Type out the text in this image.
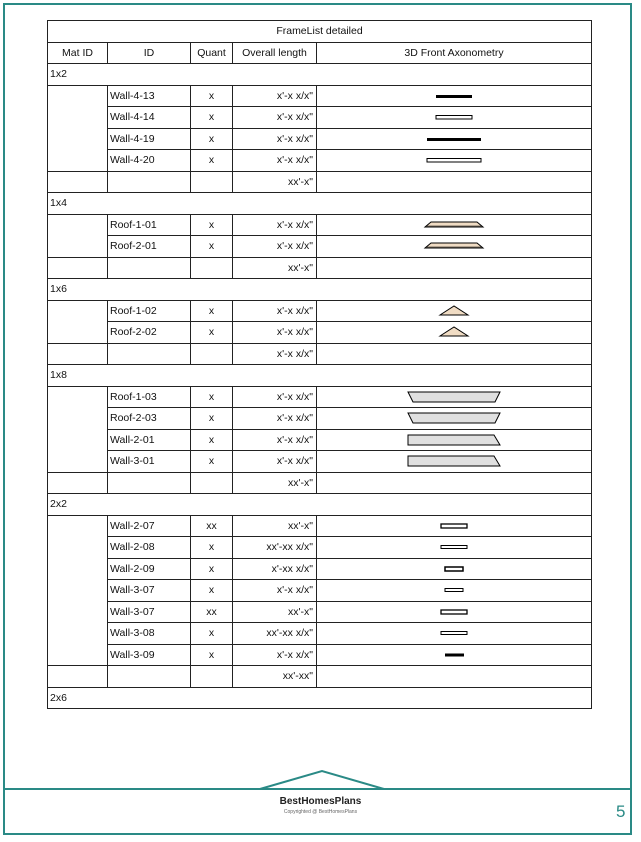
FrameList detailed				
Mat ID	ID	Quant	Overall length	3D Front Axonometry
1x2				
	Wall-4-13	x	x'-x x/x"	

	Wall-4-14	x	x'-x x/x"	

	Wall-4-19	x	x'-x x/x"	

	Wall-4-20	x	x'-x x/x"	

			xx'-x"	
1x4				
	Roof-1-01	x	x'-x x/x"	

	Roof-2-01	x	x'-x x/x"	

			xx'-x"	
1x6				
	Roof-1-02	x	x'-x x/x"	

	Roof-2-02	x	x'-x x/x"	

			x'-x x/x"	
1x8				
	Roof-1-03	x	x'-x x/x"	

	Roof-2-03	x	x'-x x/x"	

	Wall-2-01	x	x'-x x/x"	

	Wall-3-01	x	x'-x x/x"	

			xx'-x"	
2x2				
	Wall-2-07	xx	xx'-x"	

	Wall-2-08	x	xx'-xx x/x"	

	Wall-2-09	x	x'-xx x/x"	

	Wall-3-07	x	x'-x x/x"	

	Wall-3-07	xx	xx'-x"	

	Wall-3-08	x	xx'-xx x/x"	

	Wall-3-09	x	x'-x x/x"	

			xx'-xx"	
2x6				
BestHomesPlans
Copyrighted @ BestHomesPlans	5
